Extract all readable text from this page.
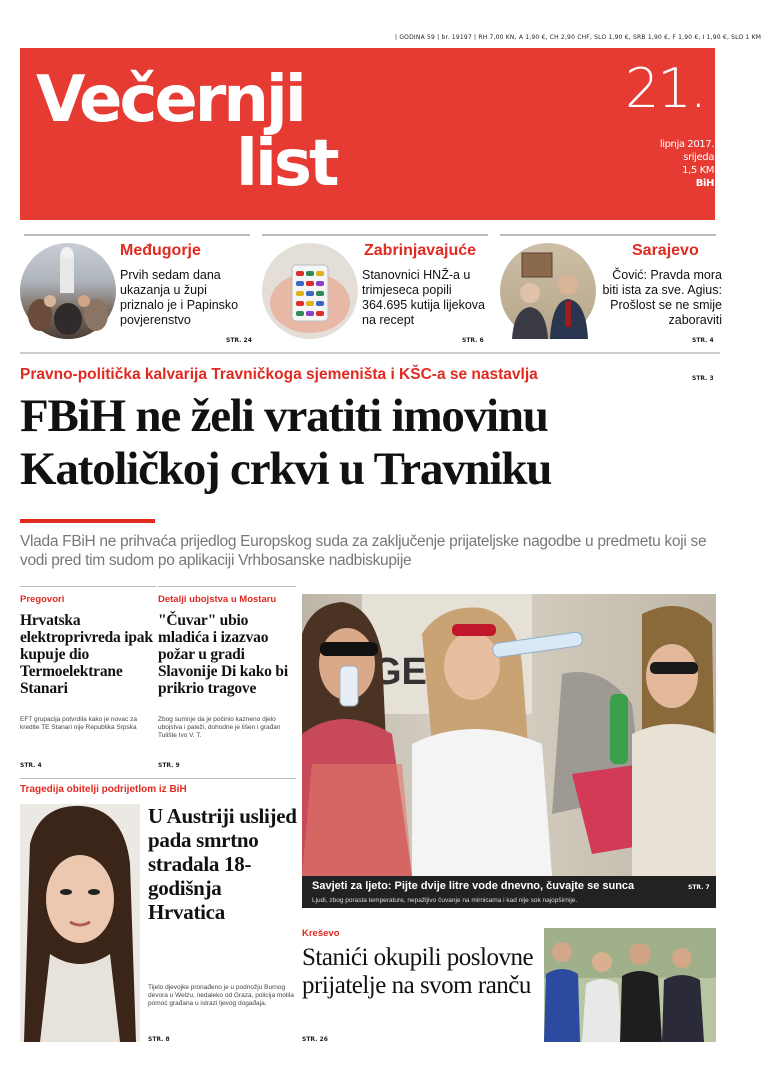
| GODINA 59 | br. 19197 | RH 7,00 KN, A 1,90 €, CH 2,90 CHF, SLO 1,90 €, SRB 1,90 €, F 1,90 €, I 1,90 €, SLO 1 KM
Večernji
list
21.
lipnja 2017.
srijeda
1,5 KM
BiH
Međugorje
Prvih sedam dana ukazanja u župi priznalo je i Papinsko povjerenstvo
STR. 24
Zabrinjavajuće
Stanovnici HNŽ-a u trimjeseca popili 364.695 kutija lijekova na recept
STR. 6
Sarajevo
Čović: Pravda mora biti ista za sve. Agius: Prošlost se ne smije zaboraviti
STR. 4
Pravno-politička kalvarija Travničkoga sjemeništa i KŠC-a se nastavlja	STR. 3
FBiH ne želi vratiti imovinu
Katoličkoj crkvi u Travniku
Vlada FBiH ne prihvaća prijedlog Europskog suda za zaključenje prijateljske nagodbe u predmetu koji se vodi pred tim sudom po aplikaciji Vrhbosanske nadbiskupije
Pregovori
Hrvatska elektroprivreda ipak kupuje dio Termoelektrane Stanari
EFT grupacija potvrdila kako je novac za kredite TE Stanari nije Republika Srpska
STR. 4
Detalji ubojstva u Mostaru
"Čuvar" ubio mladića i izazvao požar u gradi Slavonije Di kako bi prikrio tragove
Zbog sumnje da je počinio kazneno djelo ubojstva i paleži, dohodne je lišen i građan Tulište Ivo V. T.
STR. 9
GE
Savjeti za ljeto: Pijte dvije litre vode dnevno, čuvajte se sunca	STR. 7
Ljudi, zbog porasta temperature, nepažljivo čuvanje na mirnicama i kad nije sok najopširnije.
Tragedija obitelji podrijetlom iz BiH
U Austriji uslijed pada smrtno stradala 18-godišnja Hrvatica
Tijelo djevojke pronađeno je u podnožju Burnog devora u Welzu, nedaleko od Graza, policija molila pomoć građana u istrazi ljevog događaja.
STR. 8
Kreševo
Stanići okupili poslovne prijatelje na svom ranču
STR. 26
